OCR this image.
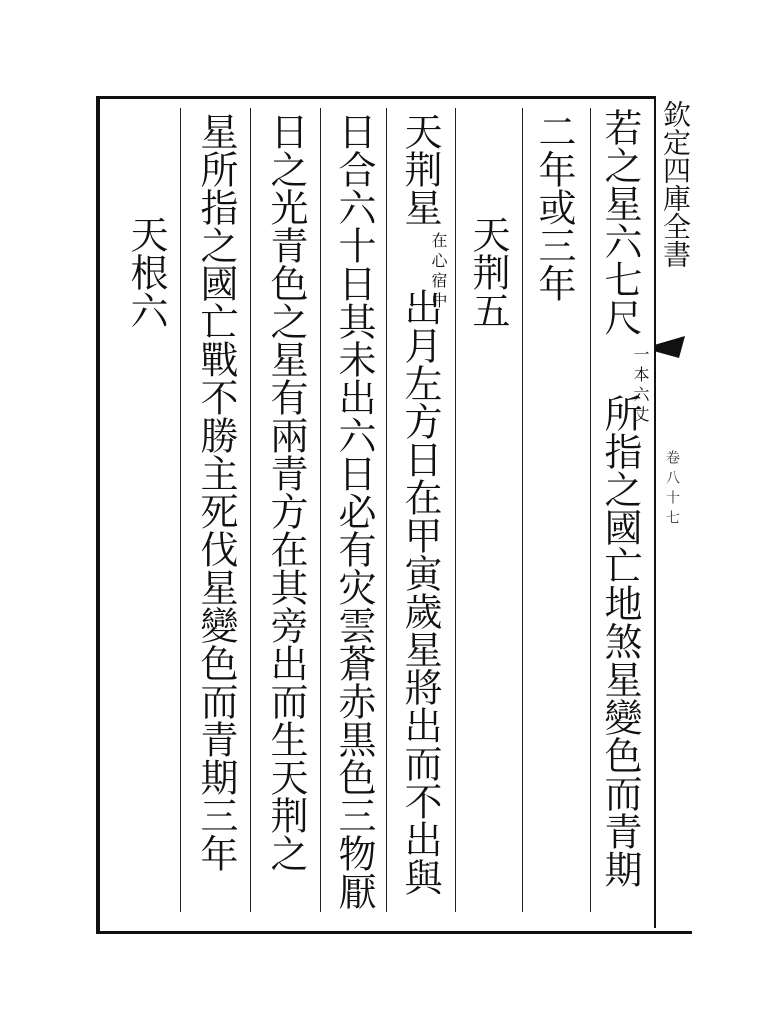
欽定四庫全書
卷八十七
若之星六七尺
一本六丈
所指之國亡地煞星變色而青期
二年或三年
天荆五
天荆星
在心宿中
出月左方日在甲寅歲星將出而不出與
日合六十日其未出六日必有灾雲蒼赤黒色三物厭
日之光青色之星有兩青方在其旁出而生天荆之
星所指之國亡戰不勝主死伐星變色而青期三年
天根六
